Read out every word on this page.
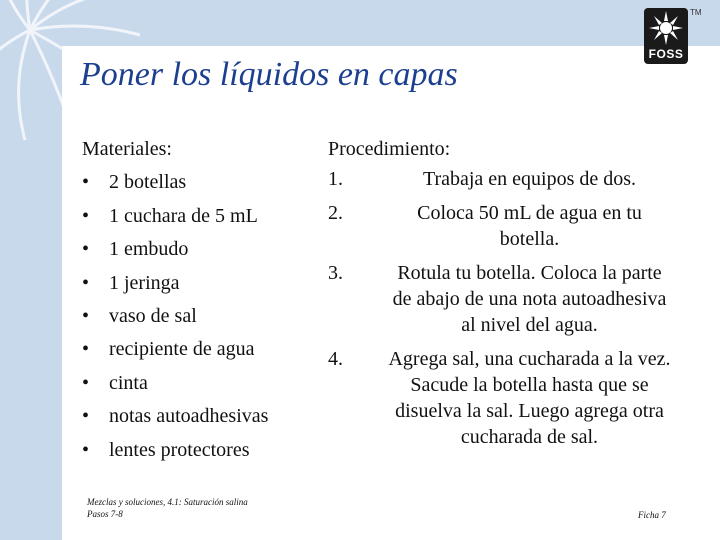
TM
FOSS
Poner los líquidos en capas
Materiales:
• 2 botellas
• 1 cuchara de 5 mL
• 1 embudo
• 1 jeringa
• vaso de sal
• recipiente de agua
• cinta
• notas autoadhesivas
• lentes protectores
Procedimiento:
1.	Trabaja en equipos de dos.
2.	Coloca 50 mL de agua en tu botella.
3.	Rotula tu botella. Coloca la parte de abajo de una nota autoadhesiva al nivel del agua.
4.	Agrega sal, una cucharada a la vez. Sacude la botella hasta que se disuelva la sal. Luego agrega otra cucharada de sal.
Mezclas y soluciones, 4.1: Saturación salina
Pasos 7-8	Ficha 7
